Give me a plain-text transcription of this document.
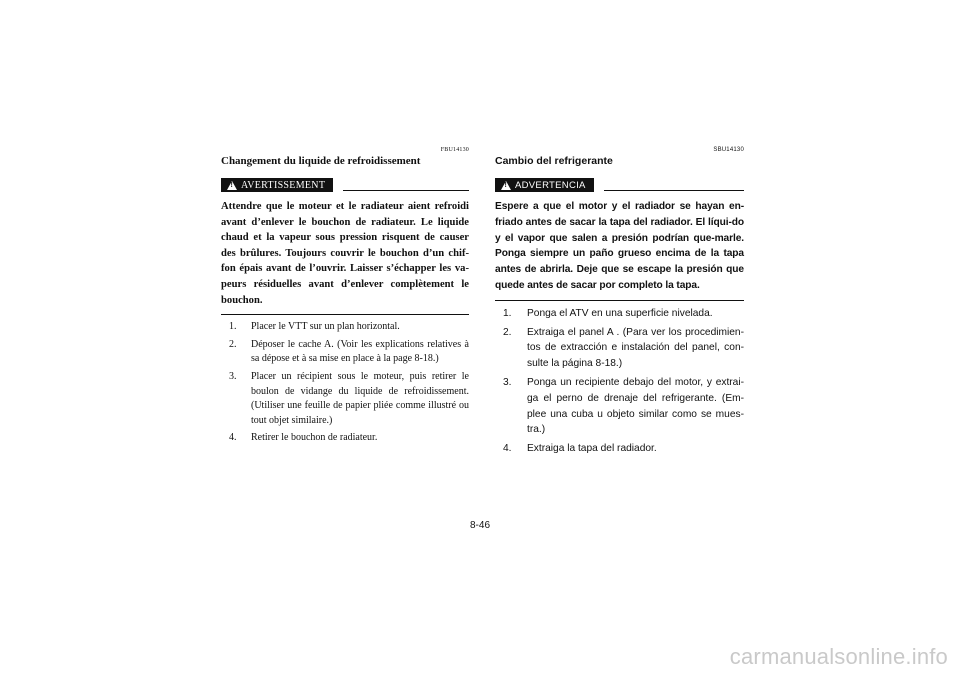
FBU14130
Changement du liquide de refroidissement
!
AVERTISSEMENT
Attendre que le moteur et le radiateur aient refroidi avant d’enlever le bouchon de radiateur. Le liquide chaud et la vapeur sous pression risquent de causer des brûlures. Toujours couvrir le bouchon d’un chif-fon épais avant de l’ouvrir. Laisser s’échapper les va-peurs résiduelles avant d’enlever complètement le bouchon.
1.	Placer le VTT sur un plan horizontal.
2.	Déposer le cache A. (Voir les explications relatives à sa dépose et à sa mise en place à la page 8-18.)
3.	Placer un récipient sous le moteur, puis retirer le boulon de vidange du liquide de refroidissement. (Utiliser une feuille de papier pliée comme illustré ou tout objet similaire.)
4.	Retirer le bouchon de radiateur.
SBU14130
Cambio del refrigerante
!
ADVERTENCIA
Espere a que el motor y el radiador se hayan en-friado antes de sacar la tapa del radiador. El líqui-do y el vapor que salen a presión podrían que-marle. Ponga siempre un paño grueso encima de la tapa antes de abrirla. Deje que se escape la presión que quede antes de sacar por completo la tapa.
1.	Ponga el ATV en una superficie nivelada.
2.	Extraiga el panel A . (Para ver los procedimien-tos de extracción e instalación del panel, con-sulte la página 8-18.)
3.	Ponga un recipiente debajo del motor, y extrai-ga el perno de drenaje del refrigerante. (Em-plee una cuba u objeto similar como se mues-tra.)
4.	Extraiga la tapa del radiador.
8-46
carmanualsonline.info
